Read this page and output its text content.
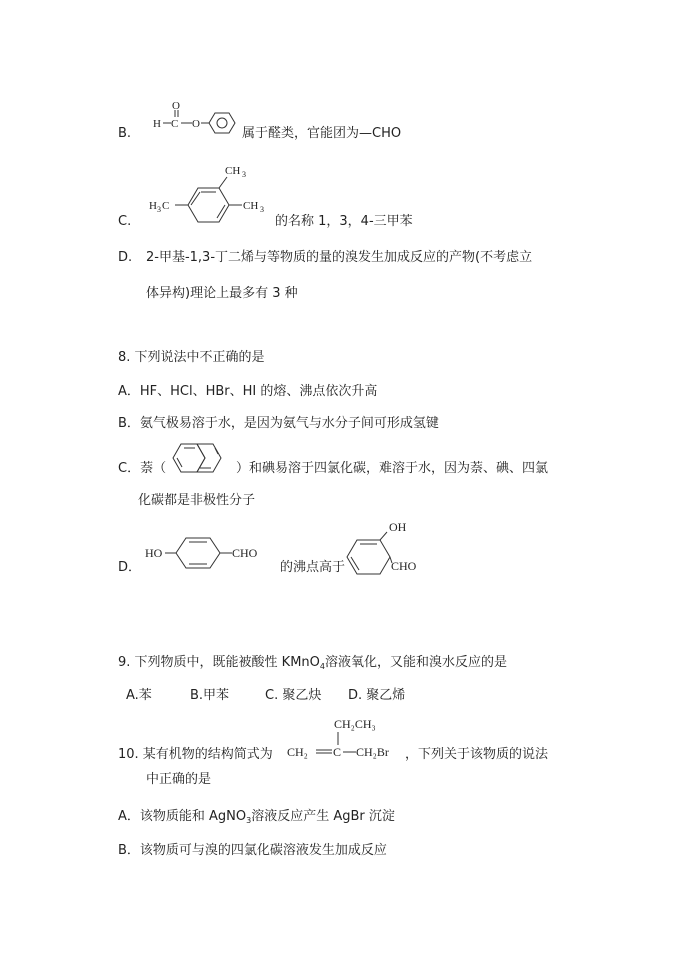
B.
H C
O
O
属于醛类，官能团为—CHO
C.
CH 3
H 3 C	CH 3
的名称 1，3，4-三甲苯
D. 2-甲基-1,3-丁二烯与等物质的量的溴发生加成反应的产物(不考虑立
体异构)理论上最多有 3 种
8. 下列说法中不正确的是
A．HF、HCl、HBr、HI 的熔、沸点依次升高
B．氨气极易溶于水，是因为氨气与水分子间可形成氢键
C．萘（	）和碘易溶于四氯化碳，难溶于水，因为萘、碘、四氯
化碳都是非极性分子
D．
HO	CHO
的沸点高于
OH
CHO
9. 下列物质中，既能被酸性 KMnO$_4$溶液氧化，又能和溴水反应的是
A.苯	B.甲苯	C. 聚乙炔 D. 聚乙烯
10. 某有机物的结构简式为
CH₂CH₃
CH₂ C CH₂Br ，下列关于该物质的说法
中正确的是
A．该物质能和 AgNO$_3$溶液反应产生 AgBr 沉淀
B．该物质可与溴的四氯化碳溶液发生加成反应
